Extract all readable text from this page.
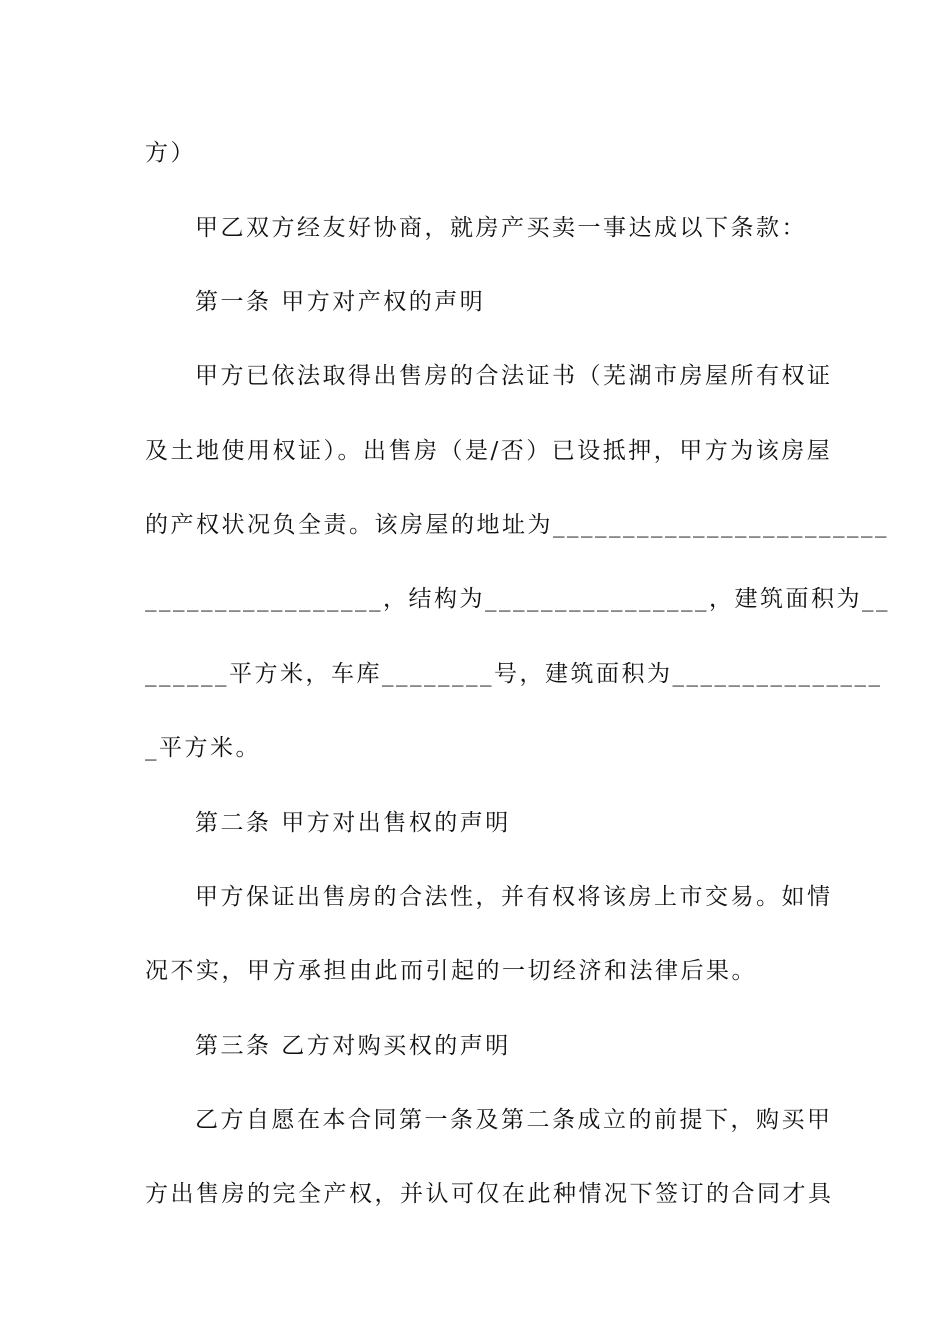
方）
甲乙双方经友好协商，就房产买卖一事达成以下条款：
第一条 甲方对产权的声明
甲方已依法取得出售房的合法证书（芜湖市房屋所有权证
及土地使用权证）。出售房（是/否）已设抵押，甲方为该房屋
的产权状况负全责。该房屋的地址为________________________
_________________，结构为________________，建筑面积为__
______平方米，车库________号，建筑面积为_______________
_平方米。
第二条 甲方对出售权的声明
甲方保证出售房的合法性，并有权将该房上市交易。如情
况不实，甲方承担由此而引起的一切经济和法律后果。
第三条 乙方对购买权的声明
乙方自愿在本合同第一条及第二条成立的前提下，购买甲
方出售房的完全产权，并认可仅在此种情况下签订的合同才具
